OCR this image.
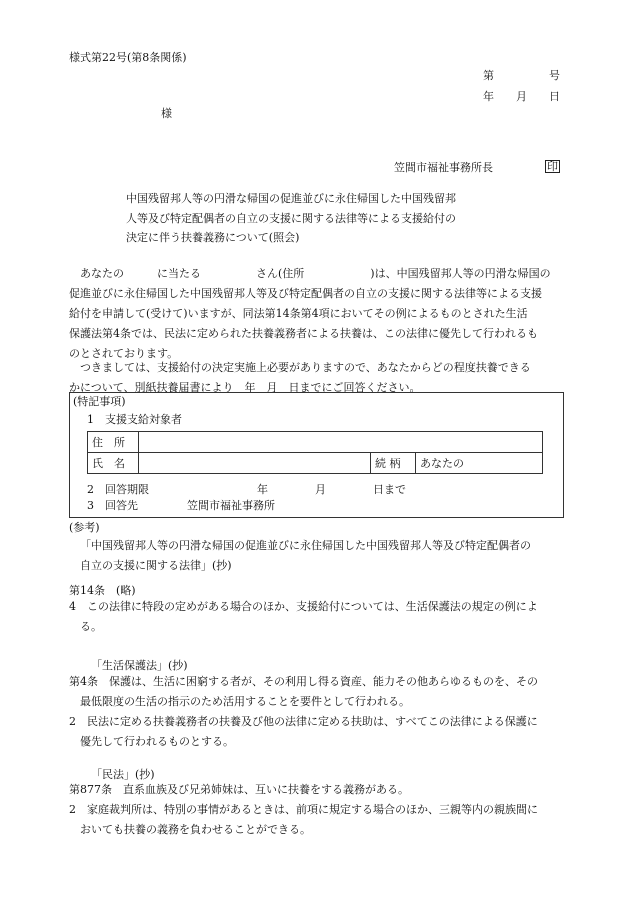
様式第22号(第8条関係)
第　　　　　号
年　　月　　日
様
笠間市福祉事務所長	印
中国残留邦人等の円滑な帰国の促進並びに永住帰国した中国残留邦
人等及び特定配偶者の自立の支援に関する法律等による支援給付の
決定に伴う扶養義務について(照会)
あなたの　　　に当たる　　　　　さん(住所　　　　　　)は、中国残留邦人等の円滑な帰国の
促進並びに永住帰国した中国残留邦人等及び特定配偶者の自立の支援に関する法律等による支援
給付を申請して(受けて)いますが、同法第14条第4項においてその例によるものとされた生活
保護法第4条では、民法に定められた扶養義務者による扶養は、この法律に優先して行われるも
のとされております。
つきましては、支援給付の決定実施上必要がありますので、あなたからどの程度扶養できる
かについて、別紙扶養届書により　年　月　日までにご回答ください。
(特記事項)
1　支援支給対象者
住　所			
氏　名		続 柄	あなたの
2　回答期限	年	月	日まで
3　回答先	笠間市福祉事務所
(参考)
「中国残留邦人等の円滑な帰国の促進並びに永住帰国した中国残留邦人等及び特定配偶者の
自立の支援に関する法律」(抄)
第14条　(略)
4　この法律に特段の定めがある場合のほか、支援給付については、生活保護法の規定の例によ
る。
「生活保護法」(抄)
第4条　保護は、生活に困窮する者が、その利用し得る資産、能力その他あらゆるものを、その
最低限度の生活の指示のため活用することを要件として行われる。
2　民法に定める扶養義務者の扶養及び他の法律に定める扶助は、すべてこの法律による保護に
優先して行われるものとする。
「民法」(抄)
第877条　直系血族及び兄弟姉妹は、互いに扶養をする義務がある。
2　家庭裁判所は、特別の事情があるときは、前項に規定する場合のほか、三親等内の親族間に
おいても扶養の義務を負わせることができる。
